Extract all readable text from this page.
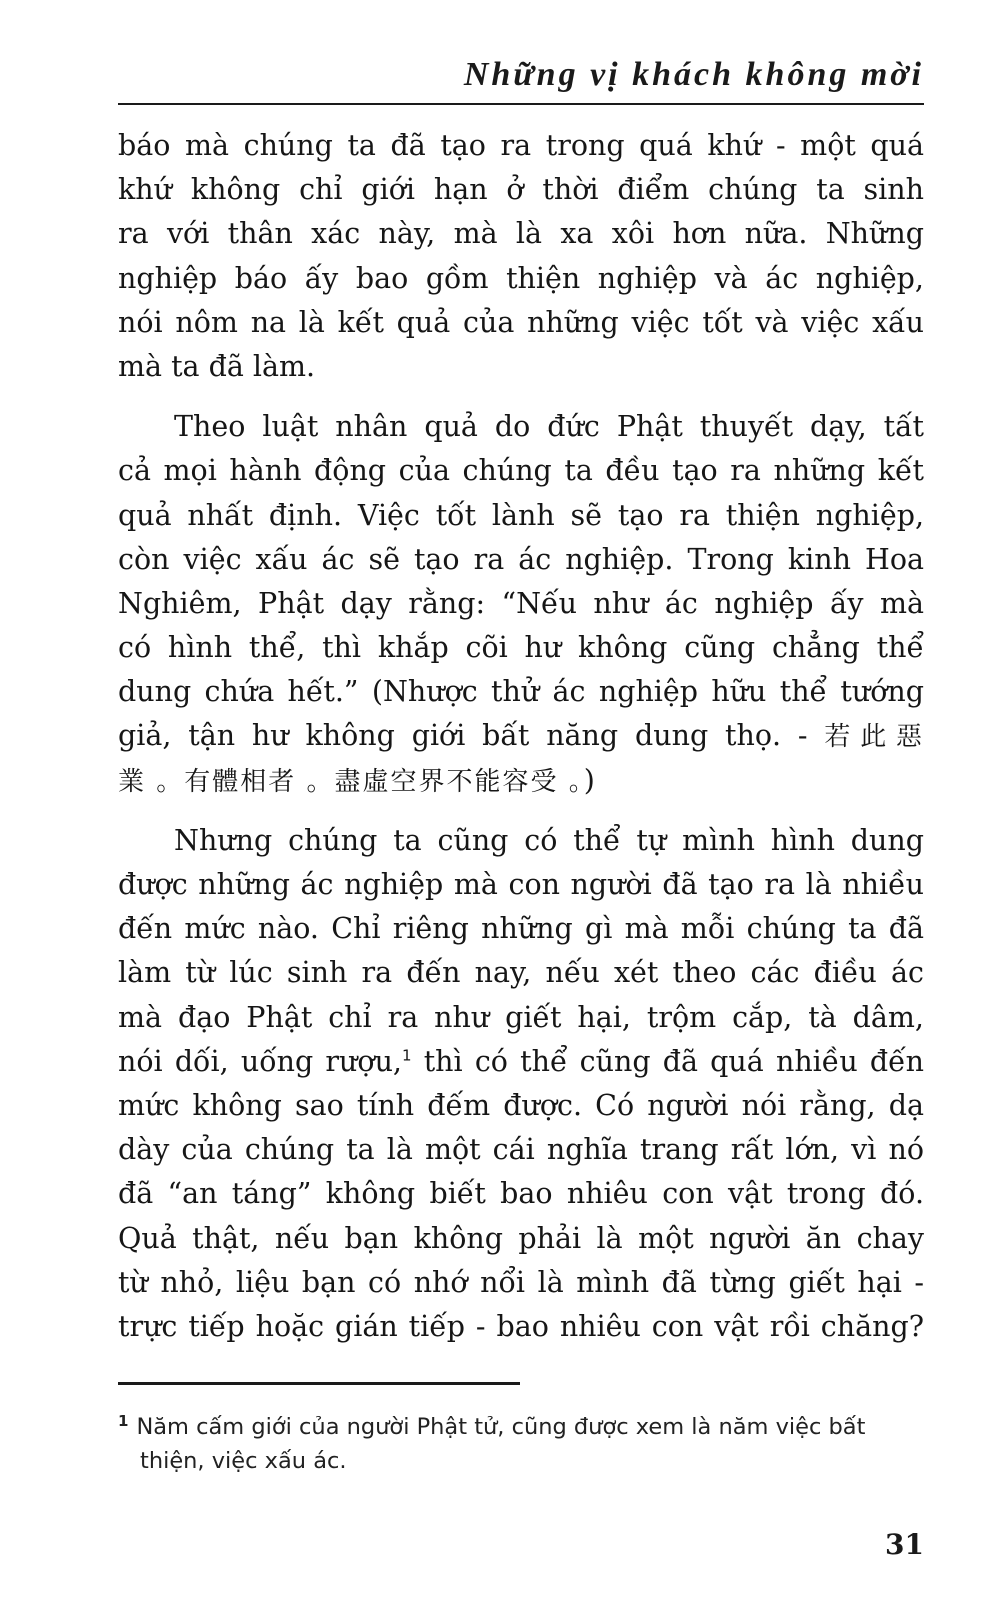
Những vị khách không mời
báo mà chúng ta đã tạo ra trong quá khứ - một quá
khứ không chỉ giới hạn ở thời điểm chúng ta sinh
ra với thân xác này, mà là xa xôi hơn nữa. Những
nghiệp báo ấy bao gồm thiện nghiệp và ác nghiệp,
nói nôm na là kết quả của những việc tốt và việc xấu
mà ta đã làm.
Theo luật nhân quả do đức Phật thuyết dạy, tất
cả mọi hành động của chúng ta đều tạo ra những kết
quả nhất định. Việc tốt lành sẽ tạo ra thiện nghiệp,
còn việc xấu ác sẽ tạo ra ác nghiệp. Trong kinh Hoa
Nghiêm, Phật dạy rằng: “Nếu như ác nghiệp ấy mà
có hình thể, thì khắp cõi hư không cũng chẳng thể
dung chứa hết.” (Nhược thử ác nghiệp hữu thể tướng
giả, tận hư không giới bất năng dung thọ. - 若此惡
業 。有體相者 。盡虛空界不能容受 。)
Nhưng chúng ta cũng có thể tự mình hình dung
được những ác nghiệp mà con người đã tạo ra là nhiều
đến mức nào. Chỉ riêng những gì mà mỗi chúng ta đã
làm từ lúc sinh ra đến nay, nếu xét theo các điều ác
mà đạo Phật chỉ ra như giết hại, trộm cắp, tà dâm,
nói dối, uống rượu,$^1$ thì có thể cũng đã quá nhiều đến
mức không sao tính đếm được. Có người nói rằng, dạ
dày của chúng ta là một cái nghĩa trang rất lớn, vì nó
đã “an táng” không biết bao nhiêu con vật trong đó.
Quả thật, nếu bạn không phải là một người ăn chay
từ nhỏ, liệu bạn có nhớ nổi là mình đã từng giết hại -
trực tiếp hoặc gián tiếp - bao nhiêu con vật rồi chăng?
$^1$ Năm cấm giới của người Phật tử, cũng được xem là năm việc bất
thiện, việc xấu ác.
31
